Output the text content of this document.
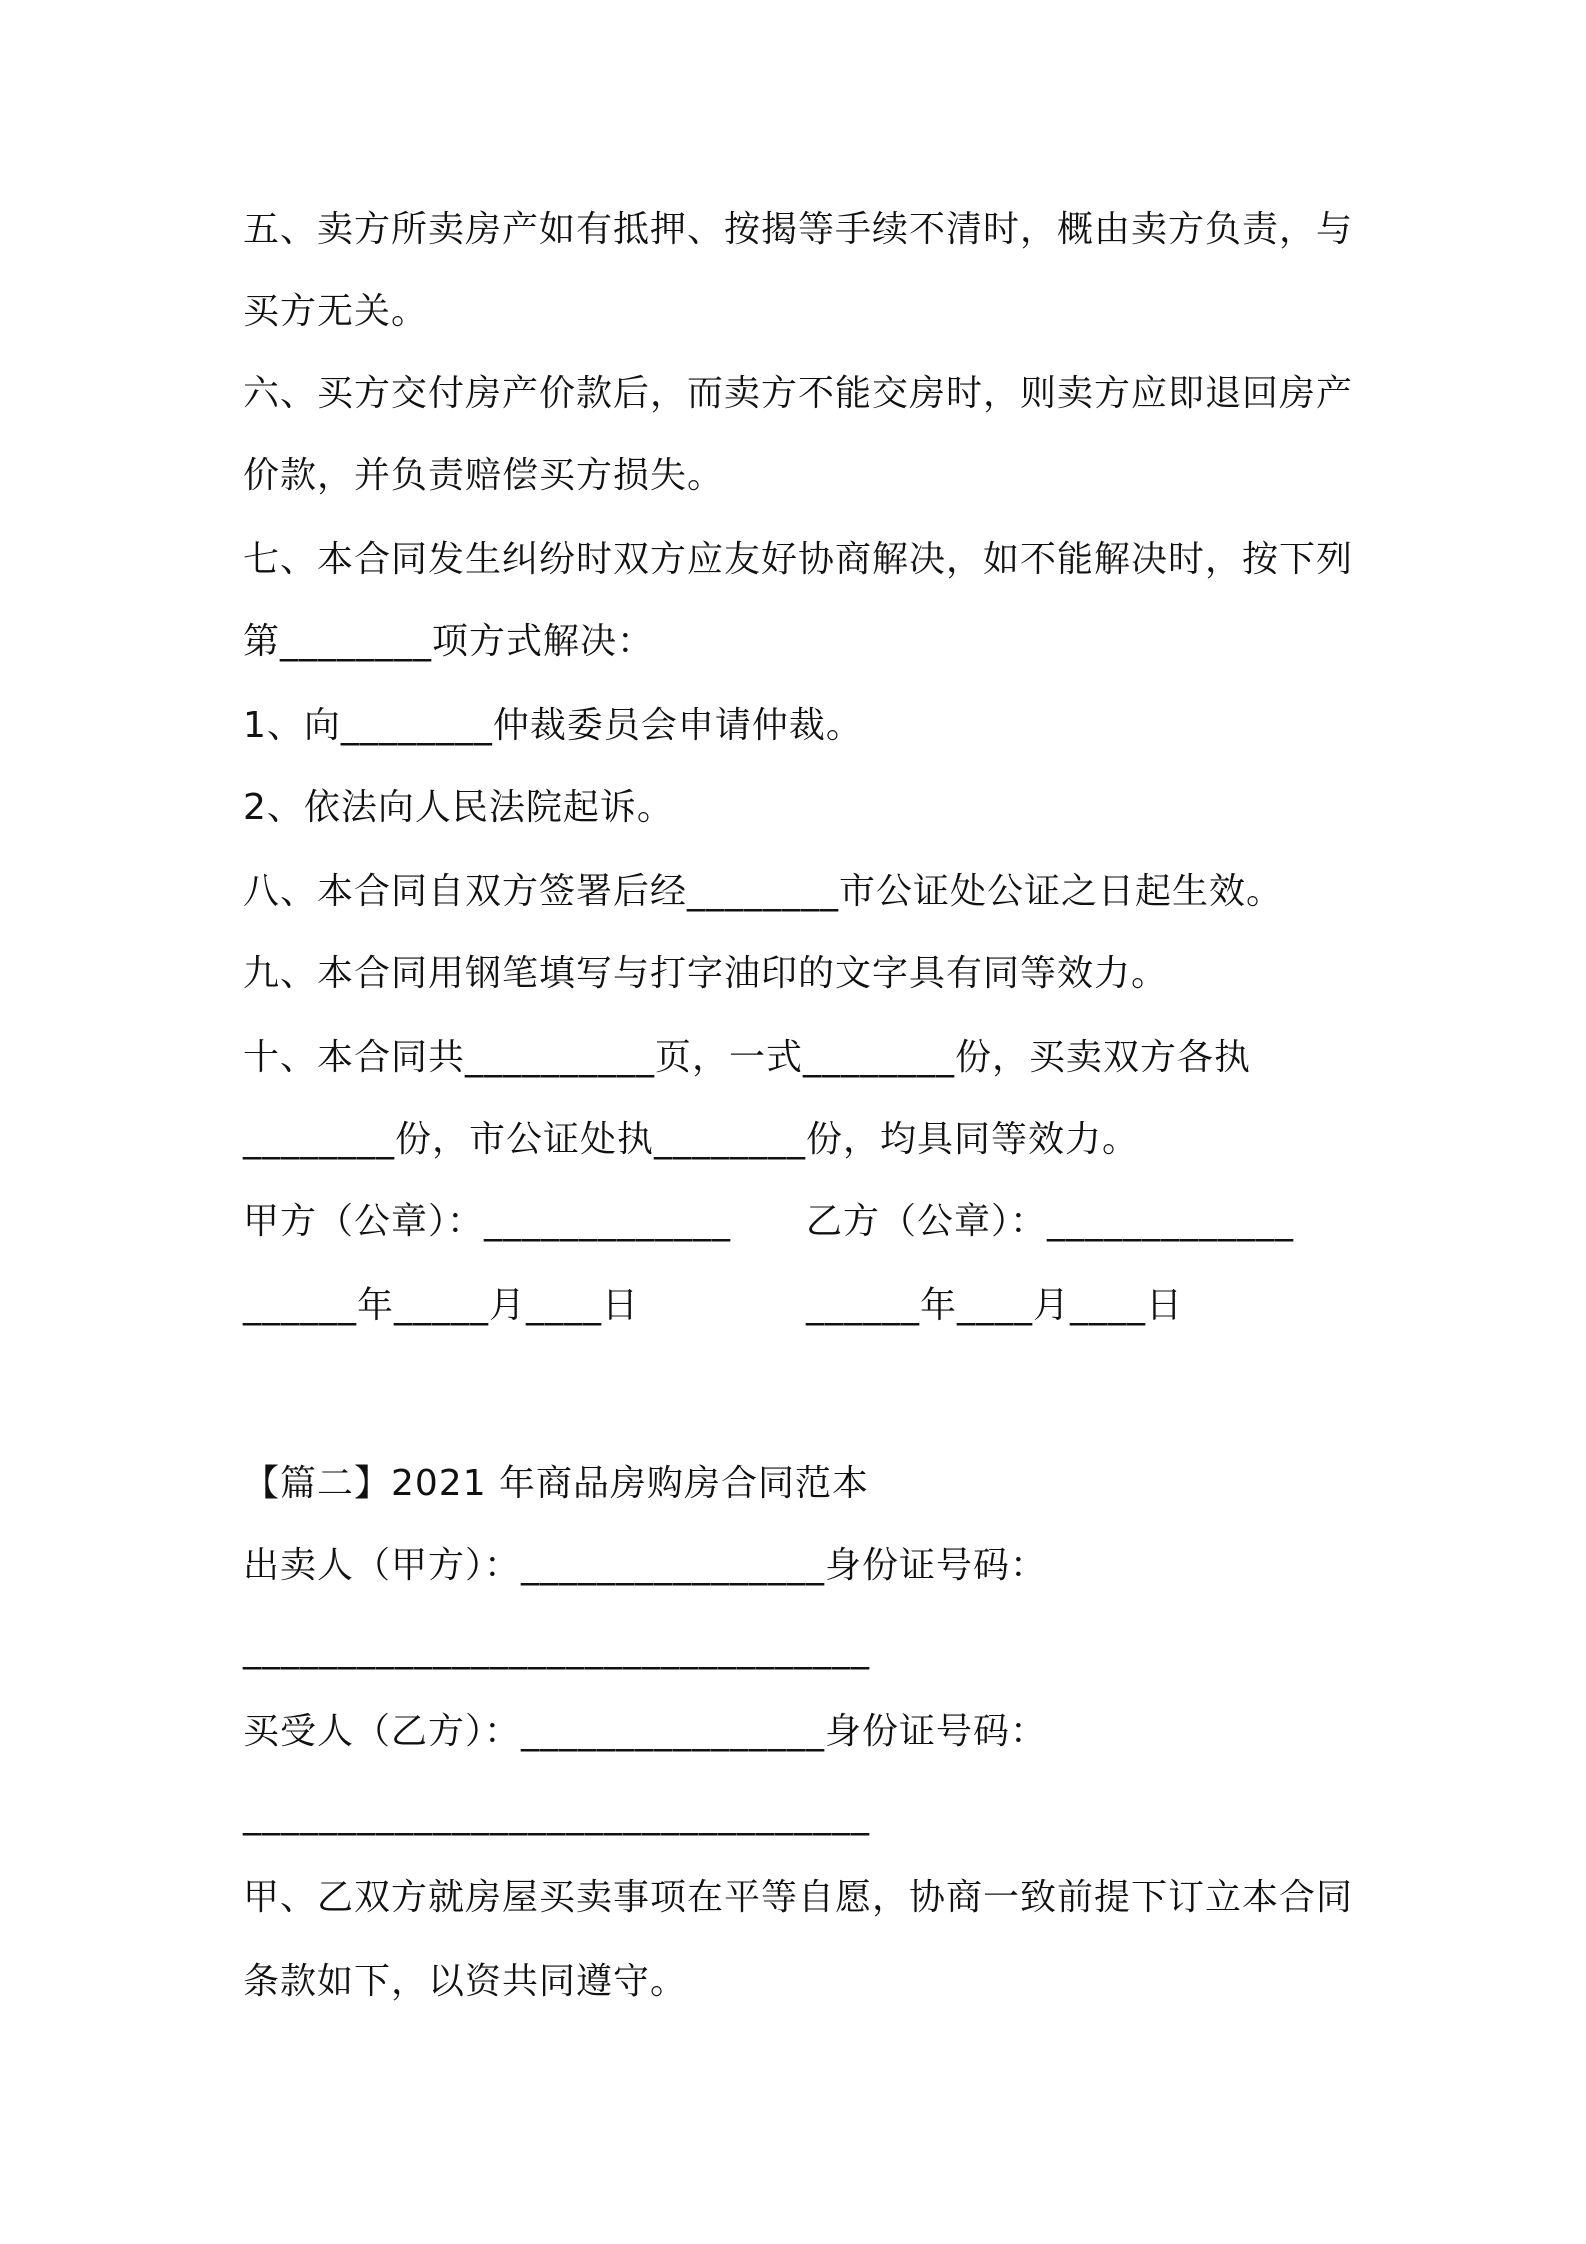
五、卖方所卖房产如有抵押、按揭等手续不清时，概由卖方负责，与
买方无关。
六、买方交付房产价款后，而卖方不能交房时，则卖方应即退回房产
价款，并负责赔偿买方损失。
七、本合同发生纠纷时双方应友好协商解决，如不能解决时，按下列
第________项方式解决：
1、向________仲裁委员会申请仲裁。
2、依法向人民法院起诉。
八、本合同自双方签署后经________市公证处公证之日起生效。
九、本合同用钢笔填写与打字油印的文字具有同等效力。
十、本合同共__________页，一式________份，买卖双方各执
________份，市公证处执________份，均具同等效力。
甲方（公章）：_____________ 乙方（公章）：_____________
______年_____月____日	______年____月____日
【篇二】2021 年商品房购房合同范本
出卖人（甲方）：________________身份证号码：
_________________________________
买受人（乙方）：________________身份证号码：
_________________________________
甲、乙双方就房屋买卖事项在平等自愿，协商一致前提下订立本合同
条款如下，以资共同遵守。
